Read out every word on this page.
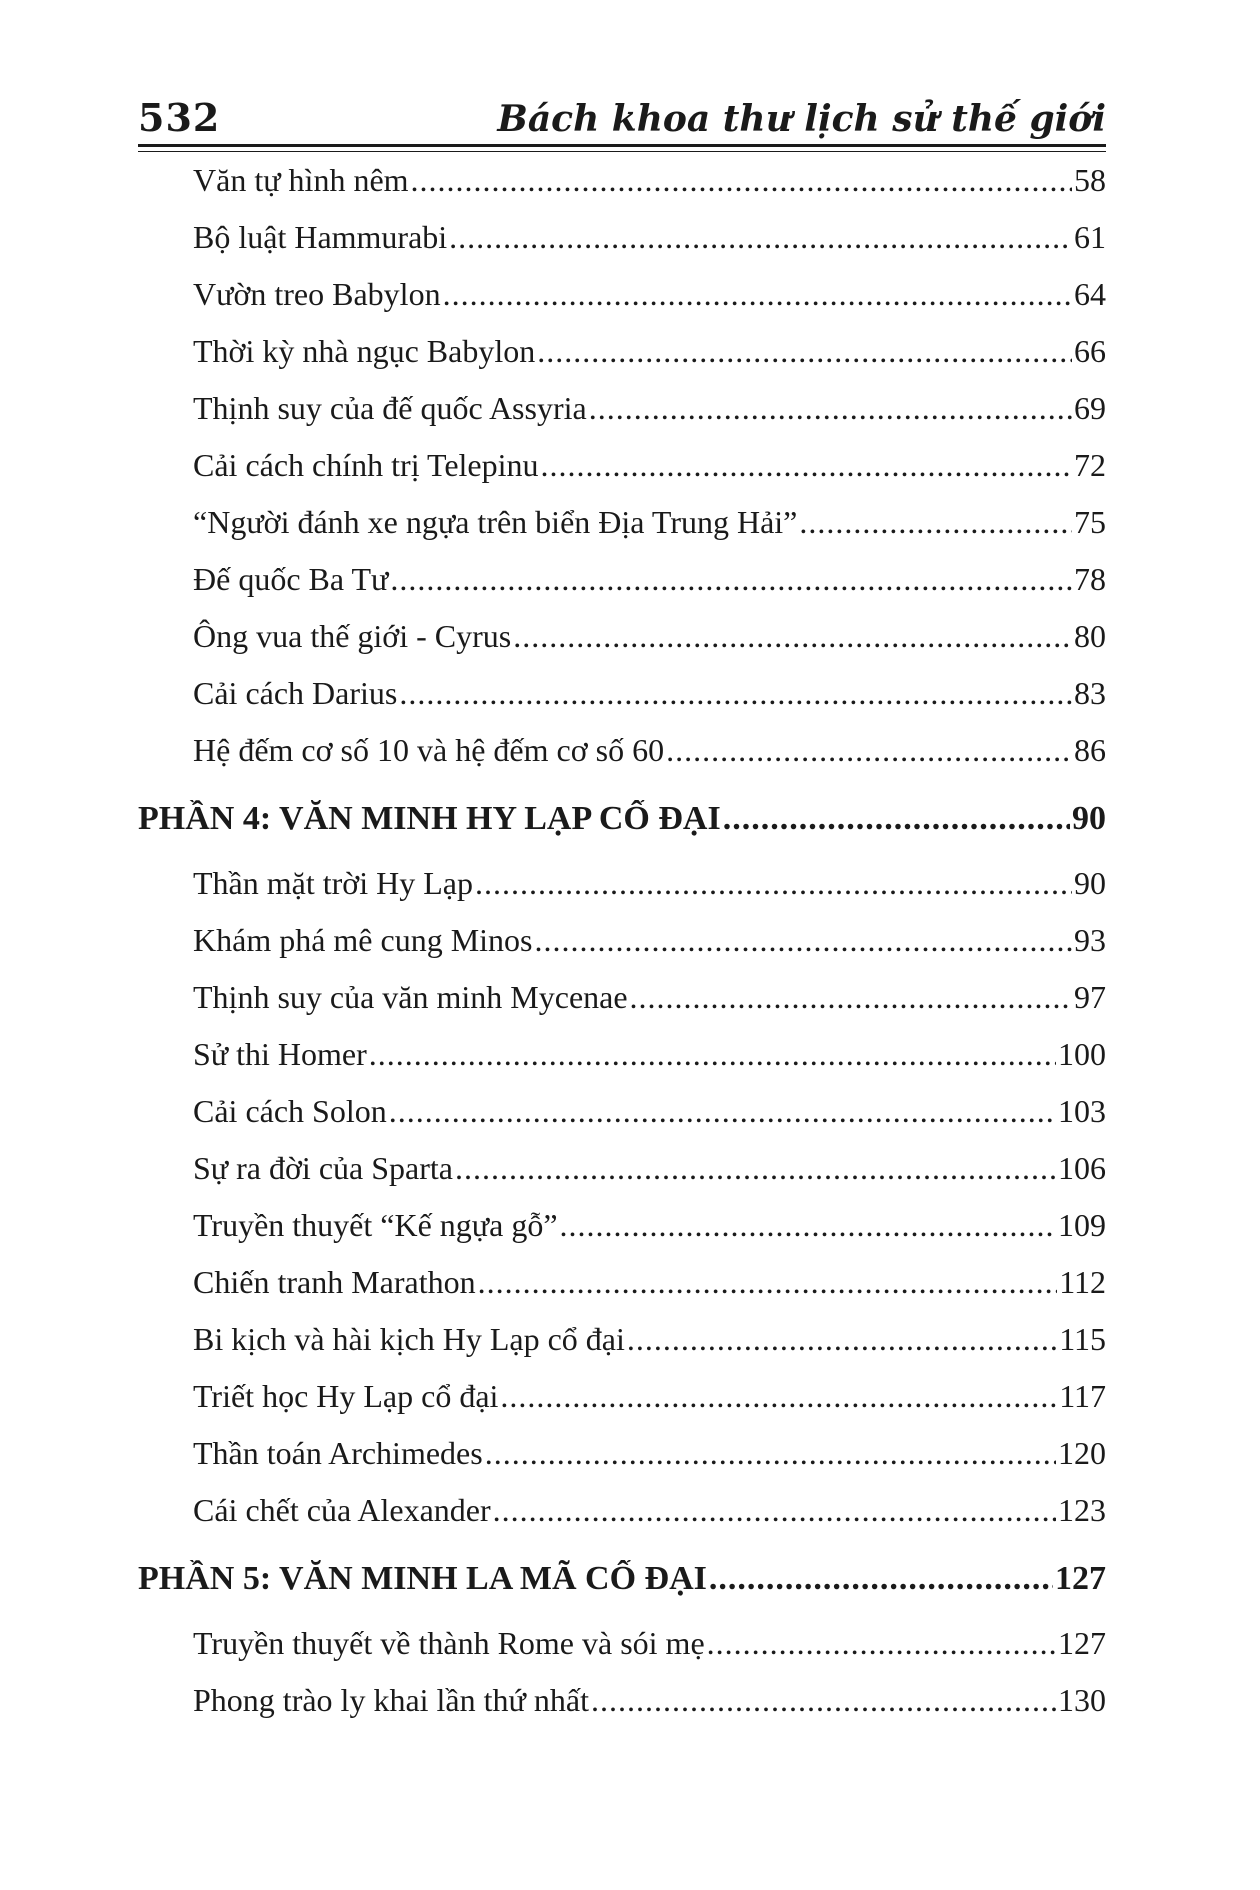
532	Bách khoa thư lịch sử thế giới
Văn tự hình nêm .....	58
Bộ luật Hammurabi .....	61
Vườn treo Babylon .....	64
Thời kỳ nhà ngục Babylon .....	66
Thịnh suy của đế quốc Assyria .....	69
Cải cách chính trị Telepinu .....	72
“Người đánh xe ngựa trên biển Địa Trung Hải” .....	75
Đế quốc Ba Tư .....	78
Ông vua thế giới - Cyrus .....	80
Cải cách Darius .....	83
Hệ đếm cơ số 10 và hệ đếm cơ số 60 .....	86
PHẦN 4: VĂN MINH HY LẠP CỔ ĐẠI .....	90
Thần mặt trời Hy Lạp .....	90
Khám phá mê cung Minos .....	93
Thịnh suy của văn minh Mycenae .....	97
Sử thi Homer .....	100
Cải cách Solon .....	103
Sự ra đời của Sparta .....	106
Truyền thuyết “Kế ngựa gỗ” .....	109
Chiến tranh Marathon .....	112
Bi kịch và hài kịch Hy Lạp cổ đại .....	115
Triết học Hy Lạp cổ đại .....	117
Thần toán Archimedes .....	120
Cái chết của Alexander .....	123
PHẦN 5: VĂN MINH LA MÃ CỔ ĐẠI .....	127
Truyền thuyết về thành Rome và sói mẹ .....	127
Phong trào ly khai lần thứ nhất .....	130
